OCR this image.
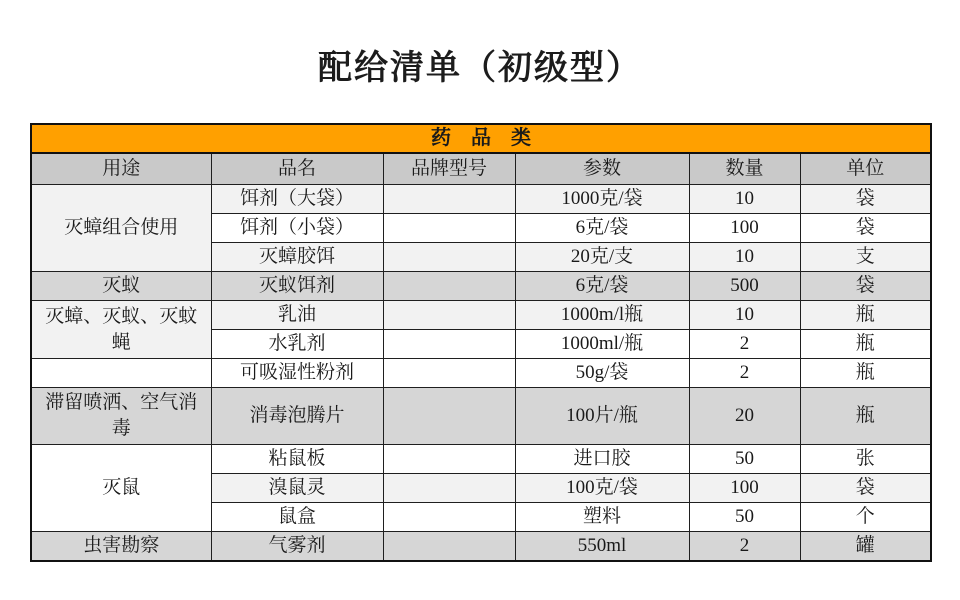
配给清单（初级型）
药　品　类					
用途	品名	品牌型号	参数	数量	单位
灭蟑组合使用	饵剂（大袋）		1000克/袋	10	袋
	饵剂（小袋）		6克/袋	100	袋
	灭蟑胶饵		20克/支	10	支
灭蚁	灭蚁饵剂		6克/袋	500	袋
灭蟑、灭蚁、灭蚊蝇	乳油		1000m/l瓶	10	瓶
	水乳剂		1000ml/瓶	2	瓶
	可吸湿性粉剂		50g/袋	2	瓶
滞留喷洒、空气消毒	消毒泡腾片		100片/瓶	20	瓶
灭鼠	粘鼠板		进口胶	50	张
	溴鼠灵		100克/袋	100	袋
	鼠盒		塑料	50	个
虫害勘察	气雾剂		550ml	2	罐
